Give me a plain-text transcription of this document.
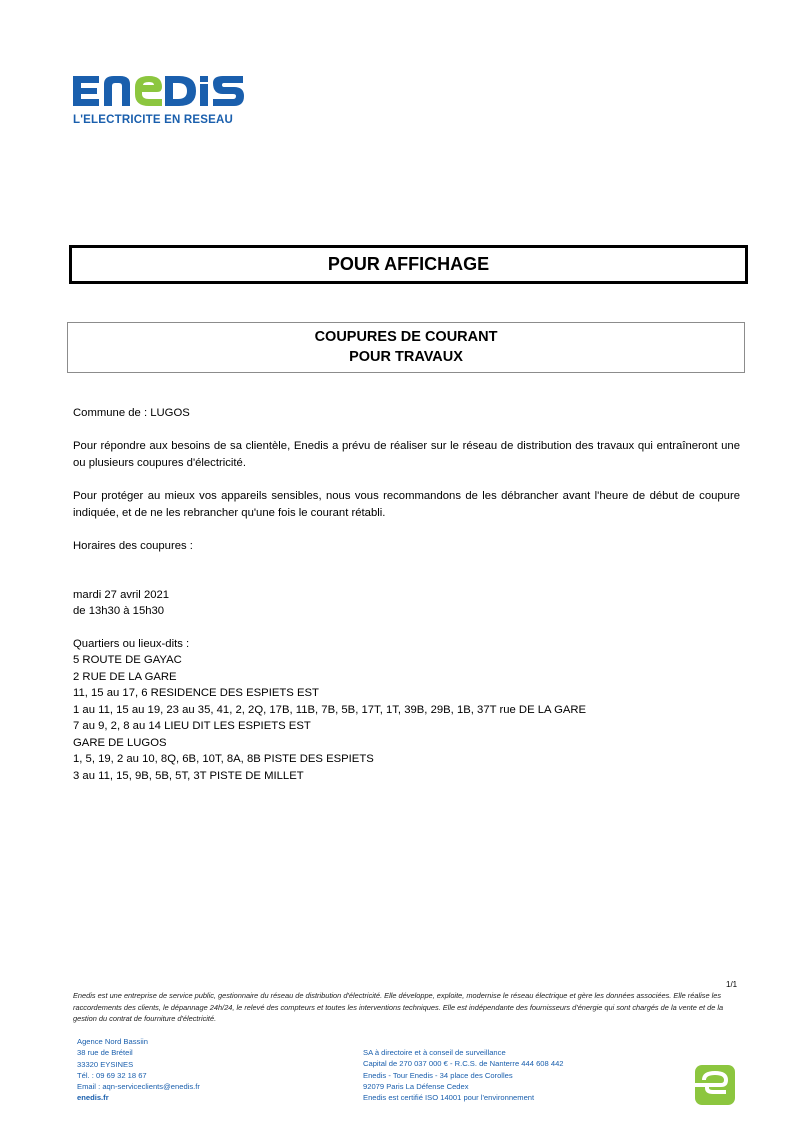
L'ELECTRICITE EN RESEAU
POUR AFFICHAGE
COUPURES DE COURANT
POUR TRAVAUX
Commune de : LUGOS
Pour répondre aux besoins de sa clientèle, Enedis a prévu de réaliser sur le réseau de distribution des travaux qui entraîneront une ou plusieurs coupures d'électricité.
Pour protéger au mieux vos appareils sensibles, nous vous recommandons de les débrancher avant l'heure de début de coupure indiquée, et de ne les rebrancher qu'une fois le courant rétabli.
Horaires des coupures :
mardi 27 avril 2021
de 13h30 à 15h30
Quartiers ou lieux-dits :
5 ROUTE DE GAYAC
2 RUE DE LA GARE
11, 15 au 17, 6 RESIDENCE DES ESPIETS EST
1 au 11, 15 au 19, 23 au 35, 41, 2, 2Q, 17B, 11B, 7B, 5B, 17T, 1T, 39B, 29B, 1B, 37T rue DE LA GARE
7 au 9, 2, 8 au 14 LIEU DIT LES ESPIETS EST
GARE DE LUGOS
1, 5, 19, 2 au 10, 8Q, 6B, 10T, 8A, 8B PISTE DES ESPIETS
3 au 11, 15, 9B, 5B, 5T, 3T PISTE DE MILLET
1/1
Enedis est une entreprise de service public, gestionnaire du réseau de distribution d'électricité. Elle développe, exploite, modernise le réseau électrique et gère les données associées. Elle réalise les raccordements des clients, le dépannage 24h/24, le relevé des compteurs et toutes les interventions techniques. Elle est indépendante des fournisseurs d'énergie qui sont chargés de la vente et de la gestion du contrat de fourniture d'électricité.
Agence Nord Bassiin
38 rue de Bréteil
33320 EYSINES
Tél. : 09 69 32 18 67
Email : aqn-serviceclients@enedis.fr
enedis.fr
SA à directoire et à conseil de surveillance
Capital de 270 037 000 € - R.C.S. de Nanterre 444 608 442
Enedis - Tour Enedis - 34 place des Corolles
92079 Paris La Défense Cedex
Enedis est certifié ISO 14001 pour l'environnement
